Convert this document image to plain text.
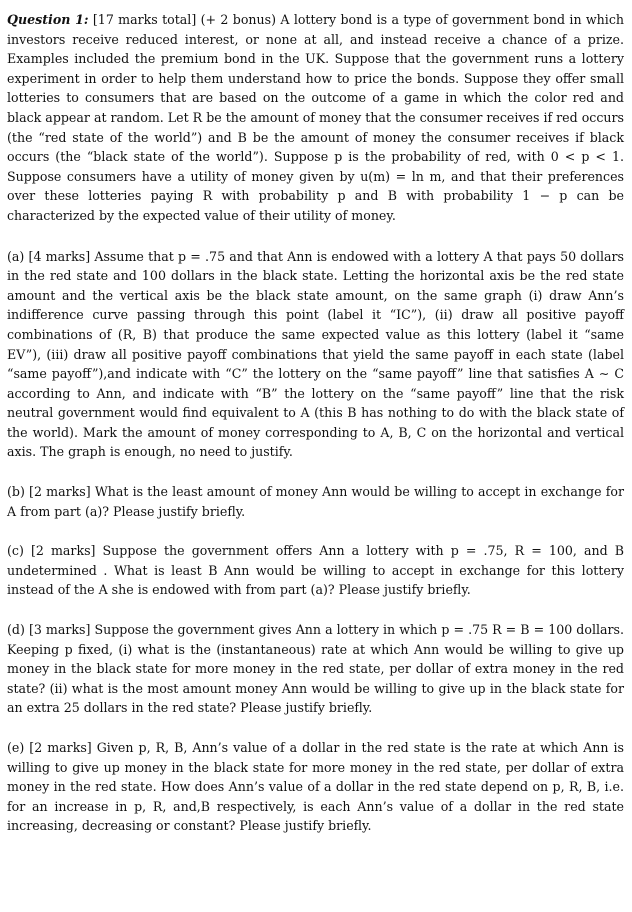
Question 1: [17 marks total] (+ 2 bonus) A lottery bond is a type of government bond in which investors receive reduced interest, or none at all, and instead receive a chance of a prize. Examples included the premium bond in the UK. Suppose that the government runs a lottery experiment in order to help them understand how to price the bonds. Suppose they offer small lotteries to consumers that are based on the outcome of a game in which the color red and black appear at random. Let R be the amount of money that the consumer receives if red occurs (the “red state of the world”) and B be the amount of money the consumer receives if black occurs (the “black state of the world”). Suppose p is the probability of red, with 0 < p < 1. Suppose consumers have a utility of money given by u(m) = ln m, and that their preferences over these lotteries paying R with probability p and B with probability 1 − p can be characterized by the expected value of their utility of money.

(a) [4 marks] Assume that p = .75 and that Ann is endowed with a lottery A that pays 50 dollars in the red state and 100 dollars in the black state. Letting the horizontal axis be the red state amount and the vertical axis be the black state amount, on the same graph (i) draw Ann’s indifference curve passing through this point (label it “IC”), (ii) draw all positive payoff combinations of (R, B) that produce the same expected value as this lottery (label it “same EV”), (iii) draw all positive payoff combinations that yield the same payoff in each state (label “same payoff”),and indicate with “C” the lottery on the “same payoff” line that satisfies A ∼ C according to Ann, and indicate with “B” the lottery on the “same payoff” line that the risk neutral government would find equivalent to A (this B has nothing to do with the black state of the world). Mark the amount of money corresponding to A, B, C on the horizontal and vertical axis. The graph is enough, no need to justify.

(b) [2 marks] What is the least amount of money Ann would be willing to accept in exchange for A from part (a)? Please justify briefly.

(c) [2 marks] Suppose the government offers Ann a lottery with p = .75, R = 100, and B undetermined . What is least B Ann would be willing to accept in exchange for this lottery instead of the A she is endowed with from part (a)? Please justify briefly.

(d) [3 marks] Suppose the government gives Ann a lottery in which p = .75 R = B = 100 dollars. Keeping p fixed, (i) what is the (instantaneous) rate at which Ann would be willing to give up money in the black state for more money in the red state, per dollar of extra money in the red state? (ii) what is the most amount money Ann would be willing to give up in the black state for an extra 25 dollars in the red state? Please justify briefly.

(e) [2 marks] Given p, R, B, Ann’s value of a dollar in the red state is the rate at which Ann is willing to give up money in the black state for more money in the red state, per dollar of extra money in the red state. How does Ann’s value of a dollar in the red state depend on p, R, B, i.e. for an increase in p, R, and,B respectively, is each Ann’s value of a dollar in the red state increasing, decreasing or constant? Please justify briefly.
